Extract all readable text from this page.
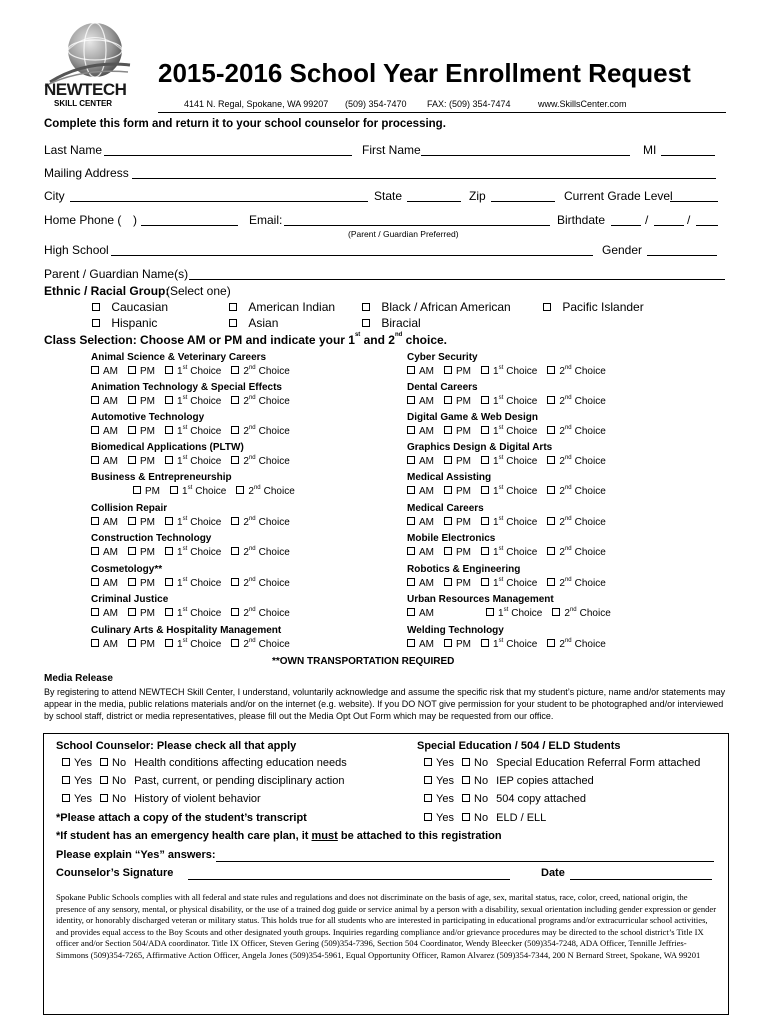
NEWTECH
SKILL CENTER
2015-2016 School Year Enrollment Request
4141 N. Regal, Spokane, WA 99207 (509) 354-7470 FAX: (509) 354-7474	www.SkillsCenter.com
Complete this form and return it to your school counselor for processing.
Last Name	First Name	MI
Mailing Address
City	State	Zip	Current Grade Level
Home Phone ( )	Email:
(Parent / Guardian Preferred)
Birthdate	/	/
High School	Gender
Parent / Guardian Name(s)
Ethnic / Racial Group:
(Select one)
Caucasian	American Indian	Black / African American	Pacific Islander
Hispanic	Asian	Biracial
Class Selection: Choose AM or PM and indicate your 1st and 2nd choice.
Animal Science & Veterinary Careers
AM PM 1st Choice 2nd Choice
Animation Technology & Special Effects
AM PM 1st Choice 2nd Choice
Automotive Technology
AM PM 1st Choice 2nd Choice
Biomedical Applications (PLTW)
AM PM 1st Choice 2nd Choice
Business & Entrepreneurship
PM 1st Choice 2nd Choice
Collision Repair
AM PM 1st Choice 2nd Choice
Construction Technology
AM PM 1st Choice 2nd Choice
Cosmetology**
AM PM 1st Choice 2nd Choice
Criminal Justice
AM PM 1st Choice 2nd Choice
Culinary Arts & Hospitality Management
AM PM 1st Choice 2nd Choice
Cyber Security
AM PM 1st Choice 2nd Choice
Dental Careers
AM PM 1st Choice 2nd Choice
Digital Game & Web Design
AM PM 1st Choice 2nd Choice
Graphics Design & Digital Arts
AM PM 1st Choice 2nd Choice
Medical Assisting
AM PM 1st Choice 2nd Choice
Medical Careers
AM PM 1st Choice 2nd Choice
Mobile Electronics
AM PM 1st Choice 2nd Choice
Robotics & Engineering
AM PM 1st Choice 2nd Choice
Urban Resources Management
AM	1st Choice 2nd Choice
Welding Technology
AM PM 1st Choice 2nd Choice
**OWN TRANSPORTATION REQUIRED
Media Release
By registering to attend NEWTECH Skill Center, I understand, voluntarily acknowledge and assume the specific risk that my student’s picture, name and/or statements may appear in the media, public relations materials and/or on the internet (e.g. website). If you DO NOT give permission for your student to be photographed and/or interviewed by school staff, district or media representatives, please fill out the Media Opt Out Form which may be requested from our office.
School Counselor: Please check all that apply	Special Education / 504 / ELD Students
Yes No Health conditions affecting education needs
Yes No Past, current, or pending disciplinary action
Yes No History of violent behavior
Yes No Special Education Referral Form attached
Yes No IEP copies attached
Yes No 504 copy attached
Yes No ELD / ELL
*Please attach a copy of the student’s transcript
*If student has an emergency health care plan, it must be attached to this registration
Please explain “Yes” answers:
Counselor’s Signature	Date
Spokane Public Schools complies with all federal and state rules and regulations and does not discriminate on the basis of age, sex, marital status, race, color, creed, national origin, the presence of any sensory, mental, or physical disability, or the use of a trained dog guide or service animal by a person with a disability, sexual orientation including gender expression or gender identity, or honorably discharged veteran or military status. This holds true for all students who are interested in participating in educational programs and/or extracurricular school activities, and provides equal access to the Boy Scouts and other designated youth groups. Inquiries regarding compliance and/or grievance procedures may be directed to the school district’s Title IX officer and/or Section 504/ADA coordinator. Title IX Officer, Steven Gering (509)354-7396, Section 504 Coordinator, Wendy Bleecker (509)354-7248, ADA Officer, Tennille Jeffries-Simmons (509)354-7265, Affirmative Action Officer, Angela Jones (509)354-5961, Equal Opportunity Officer, Ramon Alvarez (509)354-7344, 200 N Bernard Street, Spokane, WA 99201
